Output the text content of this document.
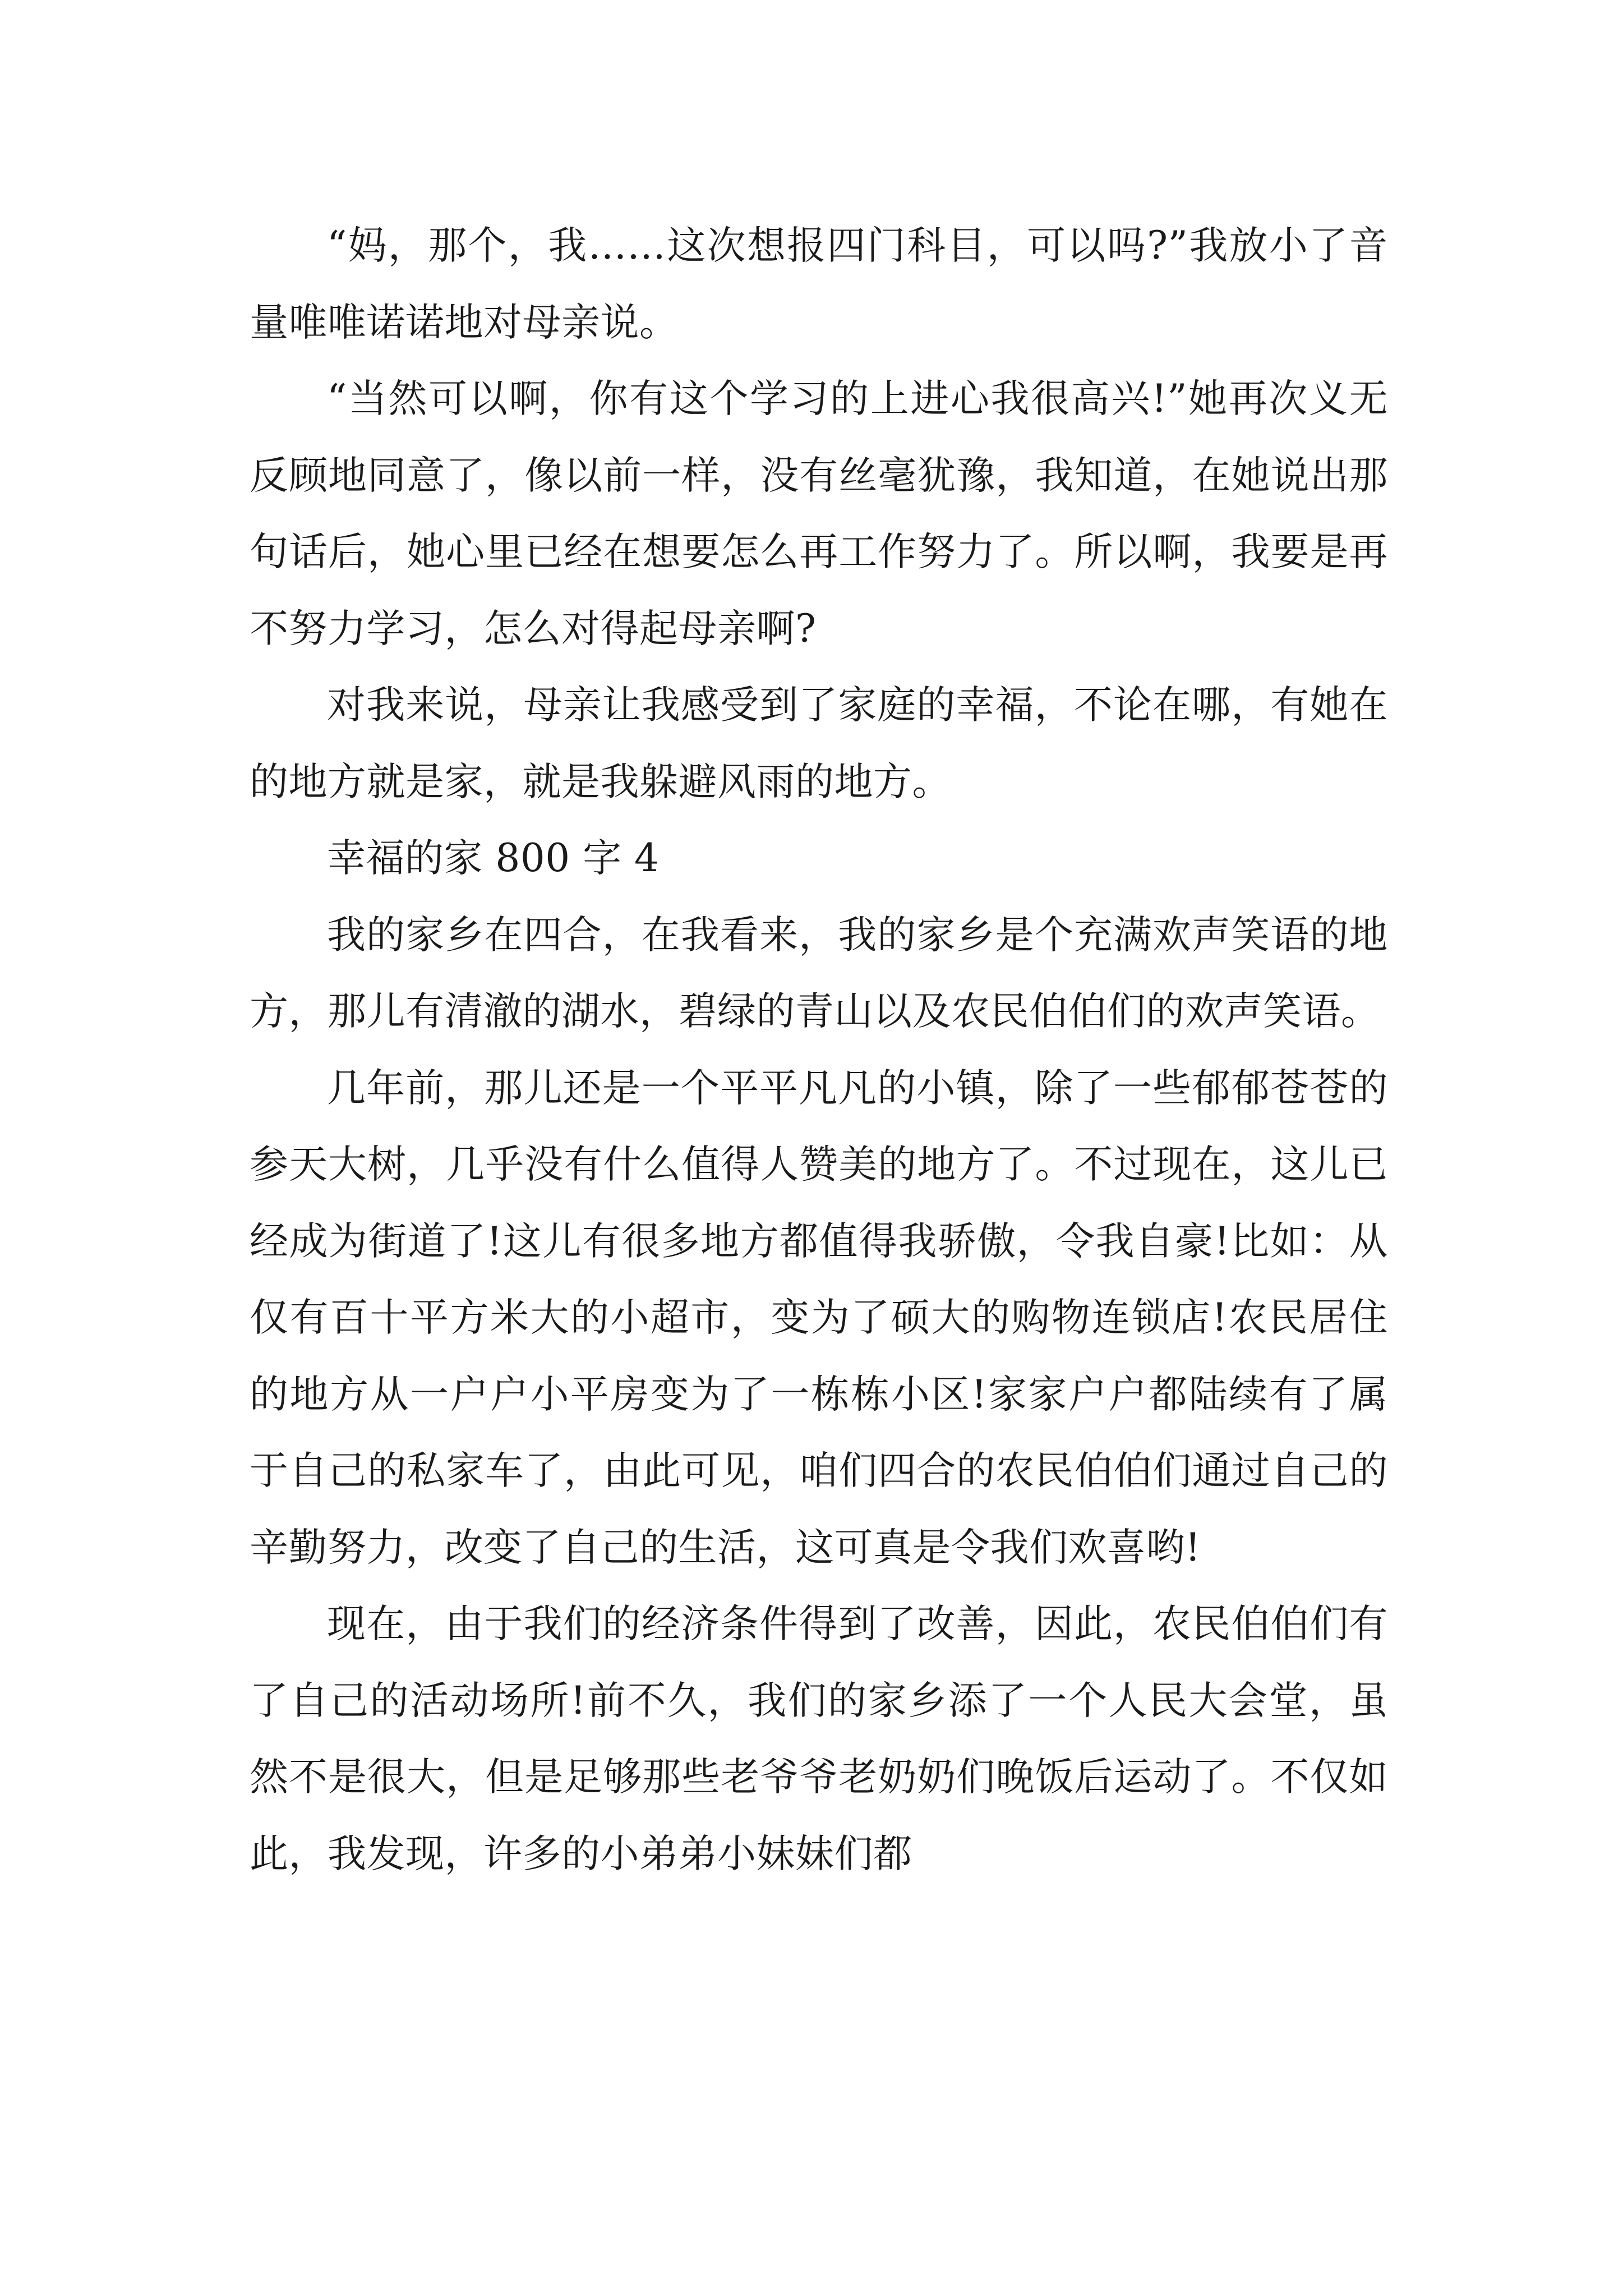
“妈，那个，我……这次想报四门科目，可以吗?”我放小了音量唯唯诺诺地对母亲说。

“当然可以啊，你有这个学习的上进心我很高兴!”她再次义无反顾地同意了，像以前一样，没有丝毫犹豫，我知道，在她说出那句话后，她心里已经在想要怎么再工作努力了。所以啊，我要是再不努力学习，怎么对得起母亲啊?

对我来说，母亲让我感受到了家庭的幸福，不论在哪，有她在的地方就是家，就是我躲避风雨的地方。

幸福的家 800 字 4

我的家乡在四合，在我看来，我的家乡是个充满欢声笑语的地方，那儿有清澈的湖水，碧绿的青山以及农民伯伯们的欢声笑语。

几年前，那儿还是一个平平凡凡的小镇，除了一些郁郁苍苍的参天大树，几乎没有什么值得人赞美的地方了。不过现在，这儿已经成为街道了!这儿有很多地方都值得我骄傲，令我自豪!比如：从仅有百十平方米大的小超市，变为了硕大的购物连锁店!农民居住的地方从一户户小平房变为了一栋栋小区!家家户户都陆续有了属于自己的私家车了，由此可见，咱们四合的农民伯伯们通过自己的辛勤努力，改变了自己的生活，这可真是令我们欢喜哟!

现在，由于我们的经济条件得到了改善，因此，农民伯伯们有了自己的活动场所!前不久，我们的家乡添了一个人民大会堂，虽然不是很大，但是足够那些老爷爷老奶奶们晚饭后运动了。不仅如此，我发现，许多的小弟弟小妹妹们都
